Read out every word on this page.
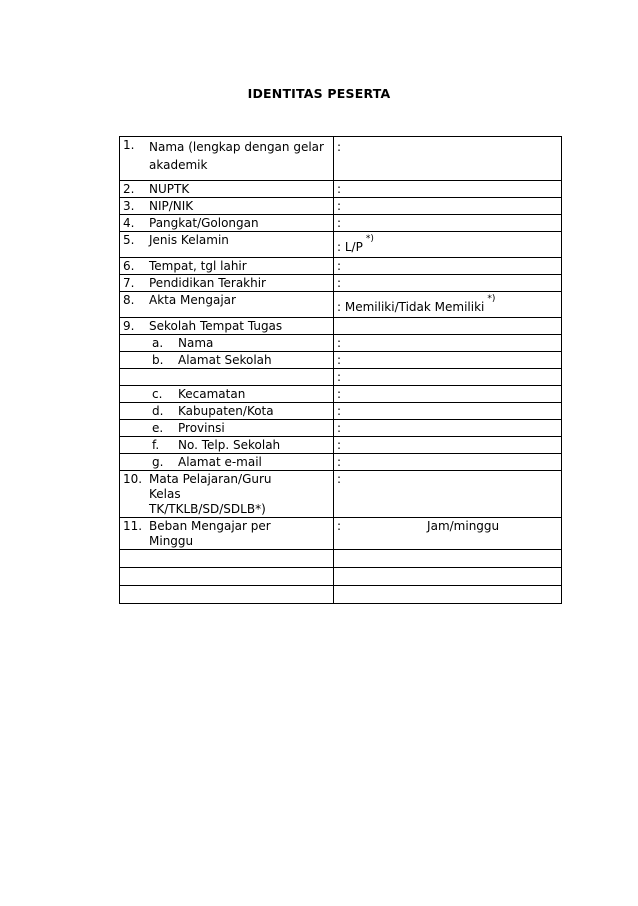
IDENTITAS PESERTA
1. Nama (lengkap dengan gelar akademik	:
2. NUPTK	:
3. NIP/NIK	:
4. Pangkat/Golongan	:
5. Jenis Kelamin	: L/P*)

6. Tempat, tgl lahir	:
7. Pendidikan Terakhir	:
8. Akta Mengajar	: Memiliki/Tidak Memiliki*)

9. Sekolah Tempat Tugas	
a. Nama	:
b. Alamat Sekolah	:
	:
c. Kecamatan	:
d. Kabupaten/Kota	:
e. Provinsi	:
f. No. Telp. Sekolah	:
g. Alamat e-mail	:
10. Mata Pelajaran/Guru Kelas TK/TKLB/SD/SDLB*)	:
11. Beban Mengajar per Minggu	: Jam/minggu
